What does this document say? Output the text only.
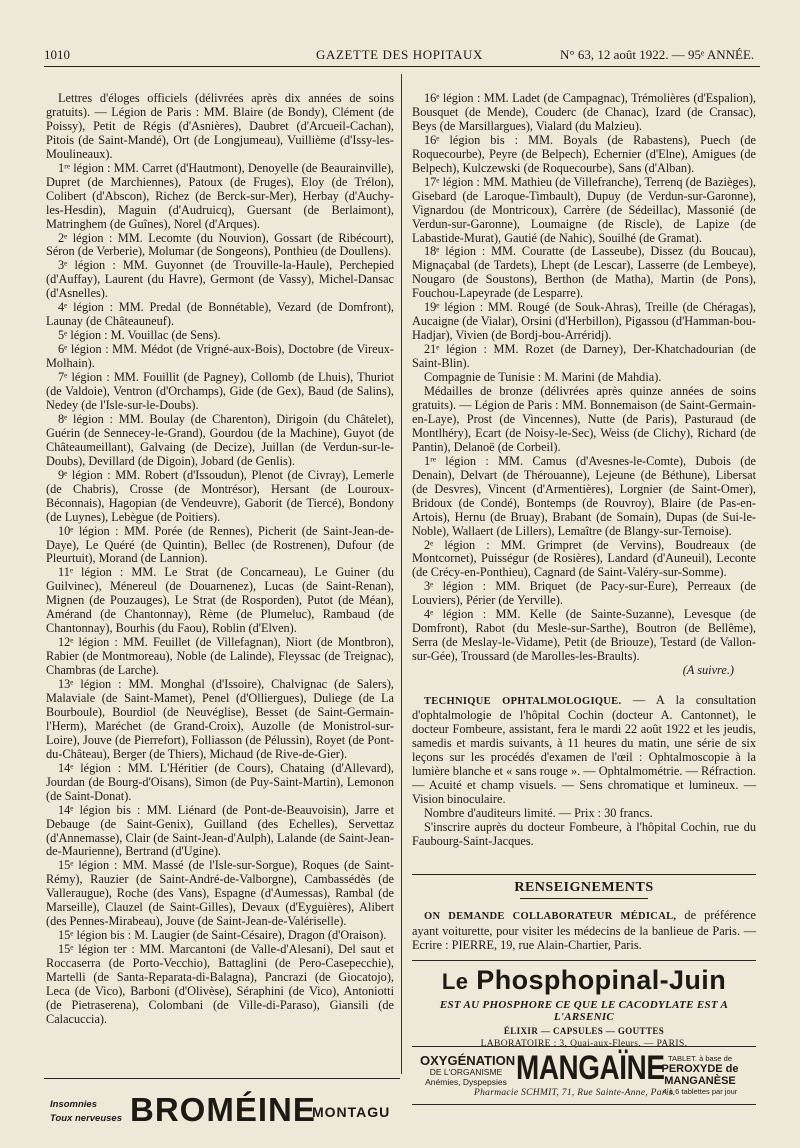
1010	GAZETTE DES HOPITAUX	N° 63, 12 août 1922. — 95ᵉ ANNÉE.

Lettres d'éloges officiels (délivrées après dix années de soins gratuits). — Légion de Paris : MM. Blaire (de Bondy), Clément (de Poissy), Petit de Régis (d'Asnières), Daubret (d'Arcueil-Cachan), Pitois (de Saint-Mandé), Ort (de Longjumeau), Vuillième (d'Issy-les-Moulineaux).

1ʳᵉ légion : MM. Carret (d'Hautmont), Denoyelle (de Beaurainville), Dupret (de Marchiennes), Patoux (de Fruges), Eloy (de Trélon), Colibert (d'Abscon), Richez (de Berck-sur-Mer), Herbay (d'Auchy-les-Hesdin), Maguin (d'Audruicq), Guersant (de Berlaimont), Matringhem (de Guînes), Norel (d'Arques).

2ᵉ légion : MM. Lecomte (du Nouvion), Gossart (de Ribécourt), Séron (de Verberie), Molumar (de Songeons), Ponthieu (de Doullens).

3ᵉ légion : MM. Guyonnet (de Trouville-la-Haule), Perchepied (d'Auffay), Laurent (du Havre), Germont (de Vassy), Michel-Dansac (d'Asnelles).

4ᵉ légion : MM. Predal (de Bonnétable), Vezard (de Domfront), Launay (de Châteauneuf).

5ᵉ légion : M. Vouillac (de Sens).

6ᵉ légion : MM. Médot (de Vrigné-aux-Bois), Doctobre (de Vireux-Molhain).

7ᵉ légion : MM. Fouillit (de Pagney), Collomb (de Lhuis), Thuriot (de Valdoie), Ventron (d'Orchamps), Gide (de Gex), Baud (de Salins), Nedey (de l'Isle-sur-le-Doubs).

8ᵉ légion : MM. Boulay (de Charenton), Dirigoin (du Châtelet), Guérin (de Sennecey-le-Grand), Gourdou (de la Machine), Guyot (de Châteaumeillant), Galvaing (de Decize), Juillan (de Verdun-sur-le-Doubs), Devillard (de Digoin), Jobard (de Genlis).

9ᵉ légion : MM. Robert (d'Issoudun), Plenot (de Civray), Lemerle (de Chabris), Crosse (de Montrésor), Hersant (de Louroux-Béconnais), Hagopian (de Vendeuvre), Gaborit (de Tiercé), Bondony (de Luynes), Lebègue (de Poitiers).

10ᵉ légion : MM. Porée (de Rennes), Picherit (de Saint-Jean-de-Daye), Le Quéré (de Quintin), Bellec (de Rostrenen), Dufour (de Pleurtuit), Morand (de Lannion).

11ᵉ légion : MM. Le Strat (de Concarneau), Le Guiner (du Guilvinec), Ménereul (de Douarnenez), Lucas (de Saint-Renan), Mignen (de Pouzauges), Le Strat (de Rosporden), Putot (de Méan), Amérand (de Chantonnay), Rème (de Plumeluc), Rambaud (de Chantonnay), Bourhis (du Faou), Roblin (d'Elven).

12ᵉ légion : MM. Feuillet (de Villefagnan), Niort (de Montbron), Rabier (de Montmoreau), Noble (de Lalinde), Fleyssac (de Treignac), Chambras (de Larche).

13ᵉ légion : MM. Monghal (d'Issoire), Chalvignac (de Salers), Malaviale (de Saint-Mamet), Penel (d'Olliergues), Duliege (de La Bourboule), Bourdiol (de Neuvéglise), Besset (de Saint-Germain-l'Herm), Maréchet (de Grand-Croix), Auzolle (de Monistrol-sur-Loire), Jouve (de Pierrefort), Folliasson (de Pélussin), Royet (de Pont-du-Château), Berger (de Thiers), Michaud (de Rive-de-Gier).

14ᵉ légion : MM. L'Héritier (de Cours), Chataing (d'Allevard), Jourdan (de Bourg-d'Oisans), Simon (de Puy-Saint-Martin), Lemonon (de Saint-Donat).

14ᵉ légion bis : MM. Liénard (de Pont-de-Beauvoisin), Jarre et Debauge (de Saint-Genix), Guilland (des Echelles), Servettaz (d'Annemasse), Clair (de Saint-Jean-d'Aulph), Lalande (de Saint-Jean-de-Maurienne), Bertrand (d'Ugine).

15ᵉ légion : MM. Massé (de l'Isle-sur-Sorgue), Roques (de Saint-Rémy), Rauzier (de Saint-André-de-Valborgne), Cambassédès (de Valleraugue), Roche (des Vans), Espagne (d'Aumessas), Rambal (de Marseille), Clauzel (de Saint-Gilles), Devaux (d'Eyguières), Alibert (des Pennes-Mirabeau), Jouve (de Saint-Jean-de-Valériselle).

15ᵉ légion bis : M. Laugier (de Saint-Césaire), Dragon (d'Oraison).

15ᵉ légion ter : MM. Marcantoni (de Valle-d'Alesani), Del saut et Roccaserra (de Porto-Vecchio), Battaglini (de Pero-Casepecchie), Martelli (de Santa-Reparata-di-Balagna), Pancrazi (de Giocatojo), Leca (de Vico), Barboni (d'Olivèse), Séraphini (de Vico), Antoniotti (de Pietraserena), Colombani (de Ville-di-Paraso), Giansili (de Calacuccia).

16ᵉ légion : MM. Ladet (de Campagnac), Trémolières (d'Espalion), Bousquet (de Mende), Couderc (de Chanac), Izard (de Cransac), Beys (de Marsillargues), Vialard (du Malzieu).

16ᵉ légion bis : MM. Boyals (de Rabastens), Puech (de Roquecourbe), Peyre (de Belpech), Echernier (d'Elne), Amigues (de Belpech), Kulczewski (de Roquecourbe), Sans (d'Alban).

17ᵉ légion : MM. Mathieu (de Villefranche), Terrenq (de Bazièges), Gisebard (de Laroque-Timbault), Dupuy (de Verdun-sur-Garonne), Vignardou (de Montricoux), Carrère (de Sédeillac), Massonié (de Verdun-sur-Garonne), Loumaigne (de Riscle), de Lapize (de Labastide-Murat), Gautié (de Nahic), Souilhé (de Gramat).

18ᵉ légion : MM. Couratte (de Lasseube), Dissez (du Boucau), Mignaçabal (de Tardets), Lhept (de Lescar), Lasserre (de Lembeye), Nougaro (de Soustons), Berthon (de Matha), Martin (de Pons), Fouchou-Lapeyrade (de Lesparre).

19ᵉ légion : MM. Rougé (de Souk-Ahras), Treille (de Chéragas), Aucaigne (de Vialar), Orsini (d'Herbillon), Pigassou (d'Hamman-bou-Hadjar), Vivien (de Bordj-bou-Arréridj).

21ᵉ légion : MM. Rozet (de Darney), Der-Khatchadourian (de Saint-Blin).

Compagnie de Tunisie : M. Marini (de Mahdia).

Médailles de bronze (délivrées après quinze années de soins gratuits). — Légion de Paris : MM. Bonnemaison (de Saint-Germain-en-Laye), Prost (de Vincennes), Nutte (de Paris), Pasturaud (de Montlhéry), Ecart (de Noisy-le-Sec), Weiss (de Clichy), Richard (de Pantin), Delanoë (de Corbeil).

1ʳᵉ légion : MM. Camus (d'Avesnes-le-Comte), Dubois (de Denain), Delvart (de Thérouanne), Lejeune (de Béthune), Libersat (de Desvres), Vincent (d'Armentières), Lorgnier (de Saint-Omer), Bridoux (de Condé), Bontemps (de Rouvroy), Blaire (de Pas-en-Artois), Hernu (de Bruay), Brabant (de Somain), Dupas (de Sui-le-Noble), Wallaert (de Lillers), Lemaître (de Blangy-sur-Ternoise).

2ᵉ légion : MM. Grimpret (de Vervins), Boudreaux (de Montcornet), Puisségur (de Rosières), Landard (d'Auneuil), Leconte (de Crécy-en-Ponthieu), Cagnard (de Saint-Valéry-sur-Somme).

3ᵉ légion : MM. Briquet (de Pacy-sur-Eure), Perreaux (de Louviers), Périer (de Yerville).

4ᵉ légion : MM. Kelle (de Sainte-Suzanne), Levesque (de Domfront), Rabot (du Mesle-sur-Sarthe), Boutron (de Bellême), Serra (de Meslay-le-Vidame), Petit (de Briouze), Testard (de Vallon-sur-Gée), Troussard (de Marolles-les-Braults).

(A suivre.)

TECHNIQUE OPHTALMOLOGIQUE. — A la consultation d'ophtalmologie de l'hôpital Cochin (docteur A. Cantonnet), le docteur Fombeure, assistant, fera le mardi 22 août 1922 et les jeudis, samedis et mardis suivants, à 11 heures du matin, une série de six leçons sur les procédés d'examen de l'œil : Ophtalmoscopie à la lumière blanche et « sans rouge ». — Ophtalmométrie. — Réfraction. — Acuité et champ visuels. — Sens chromatique et lumineux. — Vision binoculaire.

Nombre d'auditeurs limité. — Prix : 30 francs.

S'inscrire auprès du docteur Fombeure, à l'hôpital Cochin, rue du Faubourg-Saint-Jacques.

RENSEIGNEMENTS

ON DEMANDE COLLABORATEUR MÉDICAL, de préférence ayant voiturette, pour visiter les médecins de la banlieue de Paris. — Ecrire : PIERRE, 19, rue Alain-Chartier, Paris.

Le Phosphopinal-Juin
EST AU PHOSPHORE CE QUE LE CACODYLATE EST A L'ARSENIC
ÉLIXIR — CAPSULES — GOUTTES
LABORATOIRE : 3, Quai-aux-Fleurs. — PARIS.
OXYGÉNATION
DE L'ORGANISME
Anémies, Dyspepsies MANGAÏNE TABLET. à base de
PEROXYDE de MANGANÈSE
4 à 6 tablettes par jour
Pharmacie SCHMIT, 71, Rue Sainte-Anne, Paris.
Insomnies
Toux nerveuses BROMÉINE
MONTAGU
